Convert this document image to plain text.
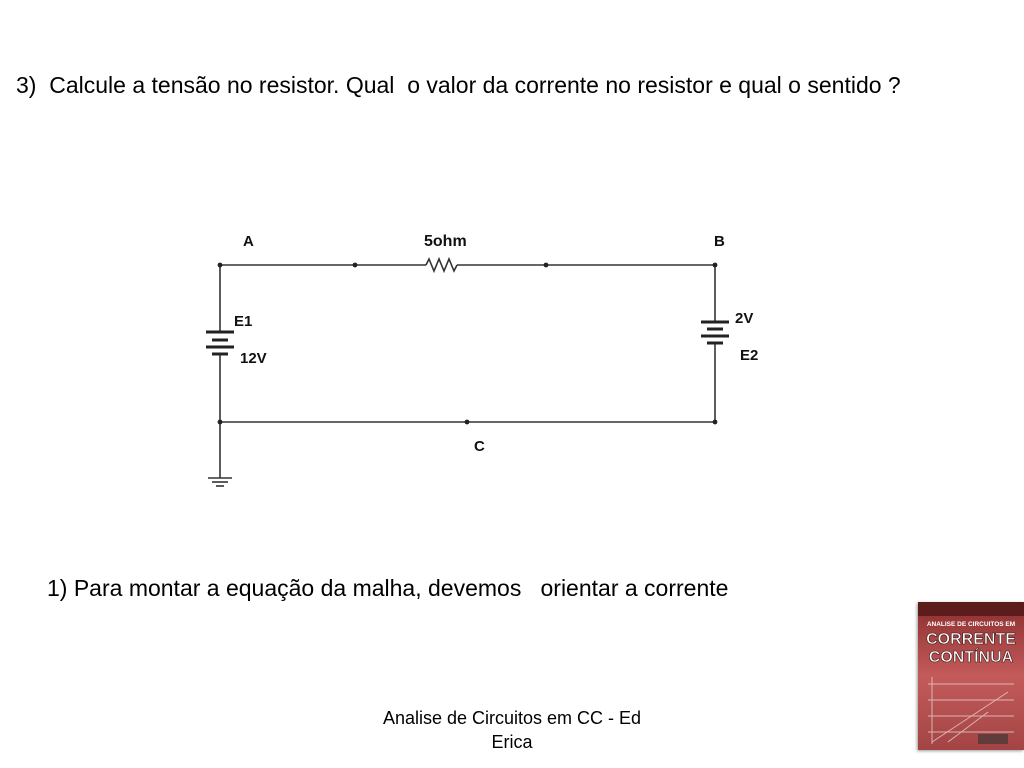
3)  Calcule a tensão no resistor. Qual  o valor da corrente no resistor e qual o sentido ?

A	B
C
5ohm
E1
12V
2V
E2

1) Para montar a equação da malha, devemos   orientar a corrente

Analise de Circuitos em CC - Ed
Erica
ANALISE DE CIRCUITOS EM
CORRENTE
CONTÍNUA
